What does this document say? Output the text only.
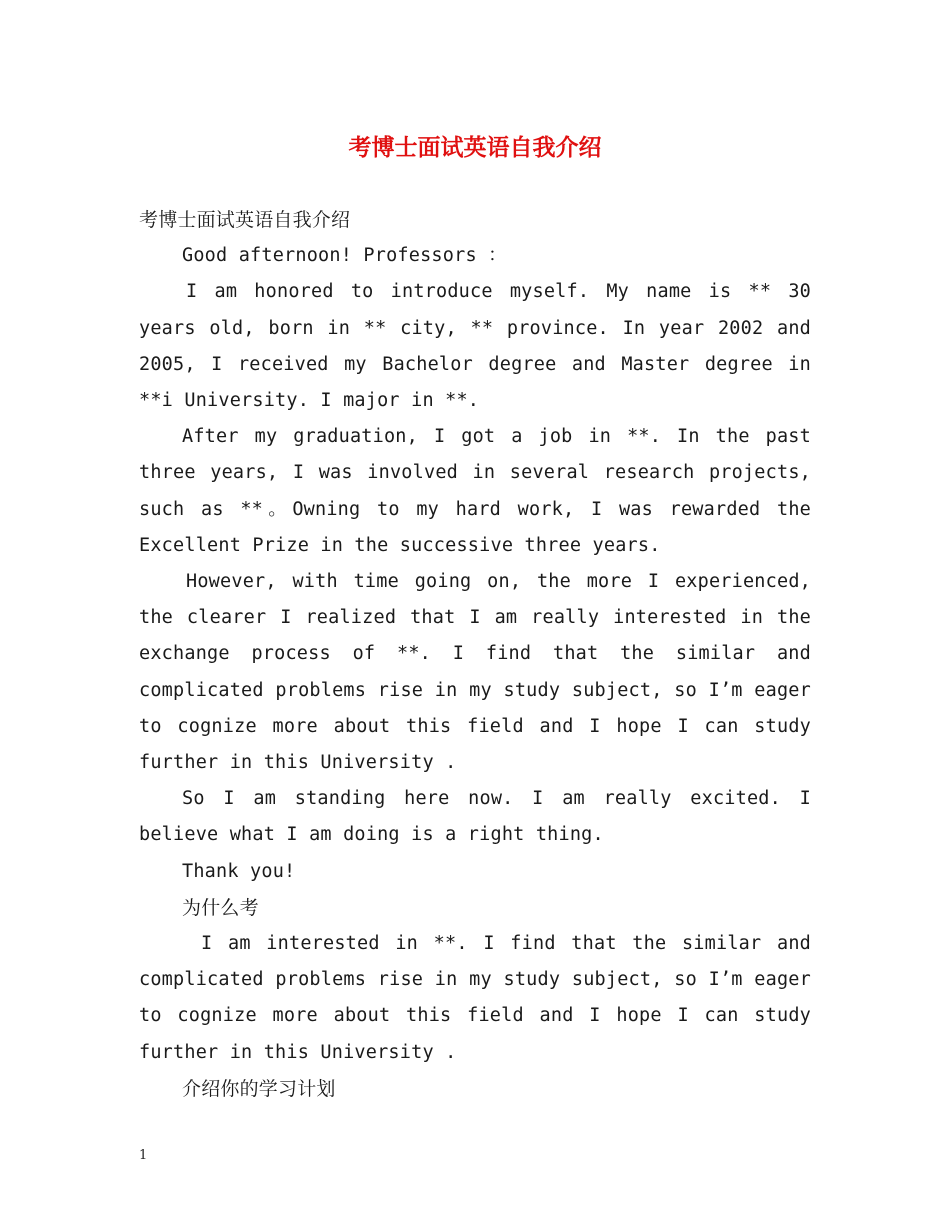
考博士面试英语自我介绍

考博士面试英语自我介绍

Good afternoon! Professors ：

I am honored to introduce myself. My name is ** 30 years old, born in ** city, ** province. In year 2002 and 2005, I received my Bachelor degree and Master degree in **i University. I major in **.

After my graduation, I got a job in **. In the past three years, I was involved in several research projects, such as **。Owning to my hard work, I was rewarded the Excellent Prize in the successive three years.

However, with time going on, the more I experienced, the clearer I realized that I am really interested in the exchange process of **. I find that the similar and complicated problems rise in my study subject, so I’m eager to cognize more about this field and I hope I can study further in this University .

So I am standing here now. I am really excited. I believe what I am doing is a right thing.

Thank you!

为什么考

I am interested in **. I find that the similar and complicated problems rise in my study subject, so I’m eager to cognize more about this field and I hope I can study further in this University .

介绍你的学习计划

1
